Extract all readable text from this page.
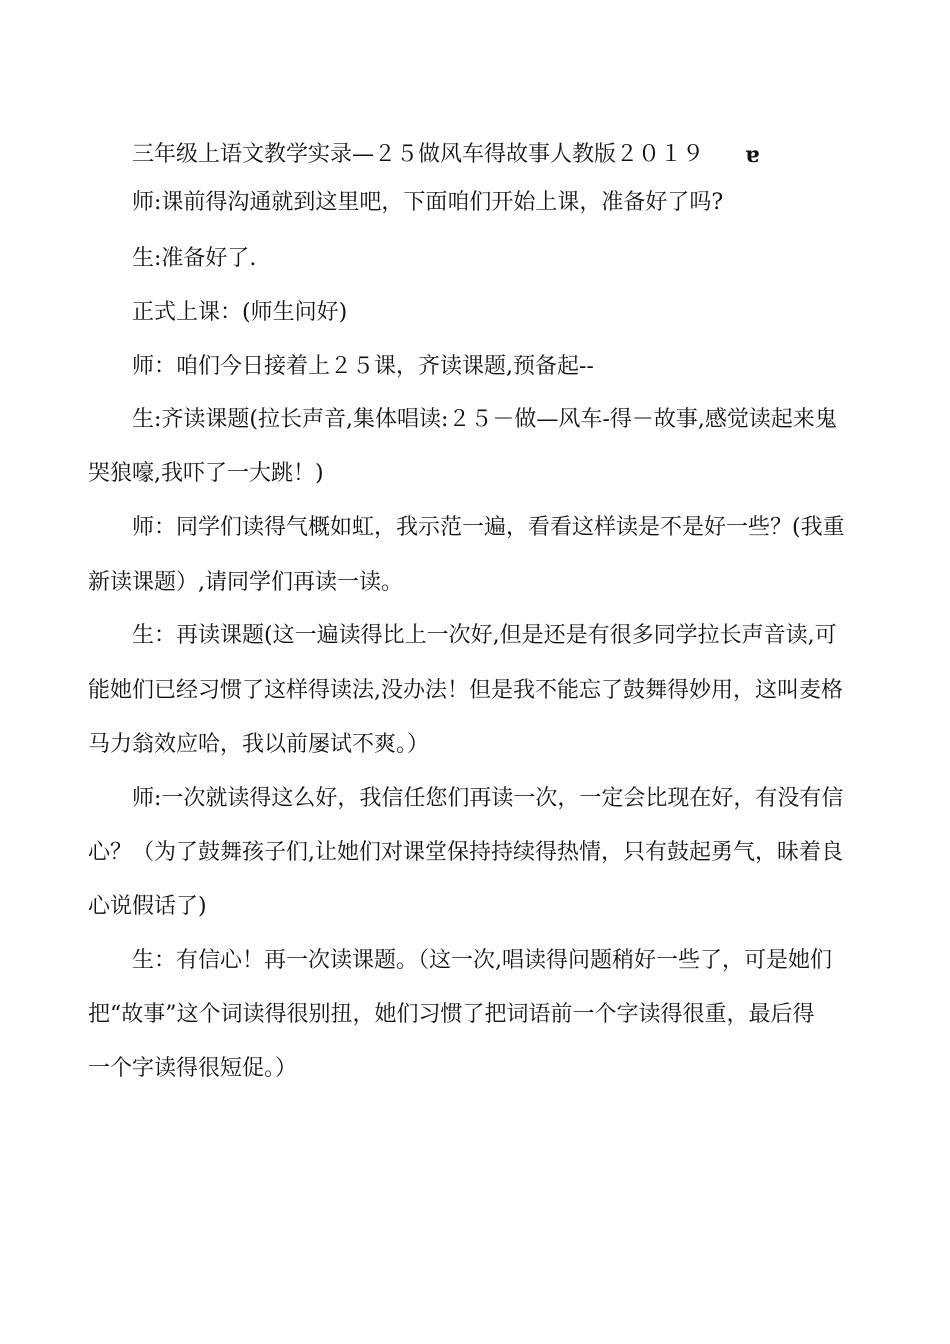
三年级上语文教学实录—２５做风车得故事人教版２０１９	ɐ
师:课前得沟通就到这里吧，下面咱们开始上课，准备好了吗?
生:准备好了.
正式上课：(师生问好)
师：咱们今日接着上２５课，齐读课题,预备起--
生:齐读课题(拉长声音,集体唱读:２５－做—风车-得－故事,感觉读起来鬼
哭狼嚎,我吓了一大跳！)
师：同学们读得气概如虹，我示范一遍，看看这样读是不是好一些？(我重
新读课题）,请同学们再读一读。
生：再读课题(这一遍读得比上一次好,但是还是有很多同学拉长声音读,可
能她们已经习惯了这样得读法,没办法！但是我不能忘了鼓舞得妙用，这叫麦格
马力翁效应哈，我以前屡试不爽。）
师:一次就读得这么好，我信任您们再读一次，一定会比现在好，有没有信
心？（为了鼓舞孩子们,让她们对课堂保持持续得热情，只有鼓起勇气，昧着良
心说假话了)
生：有信心！再一次读课题。（这一次,唱读得问题稍好一些了，可是她们
把“故事”这个词读得很别扭，她们习惯了把词语前一个字读得很重，最后得
一个字读得很短促。）
